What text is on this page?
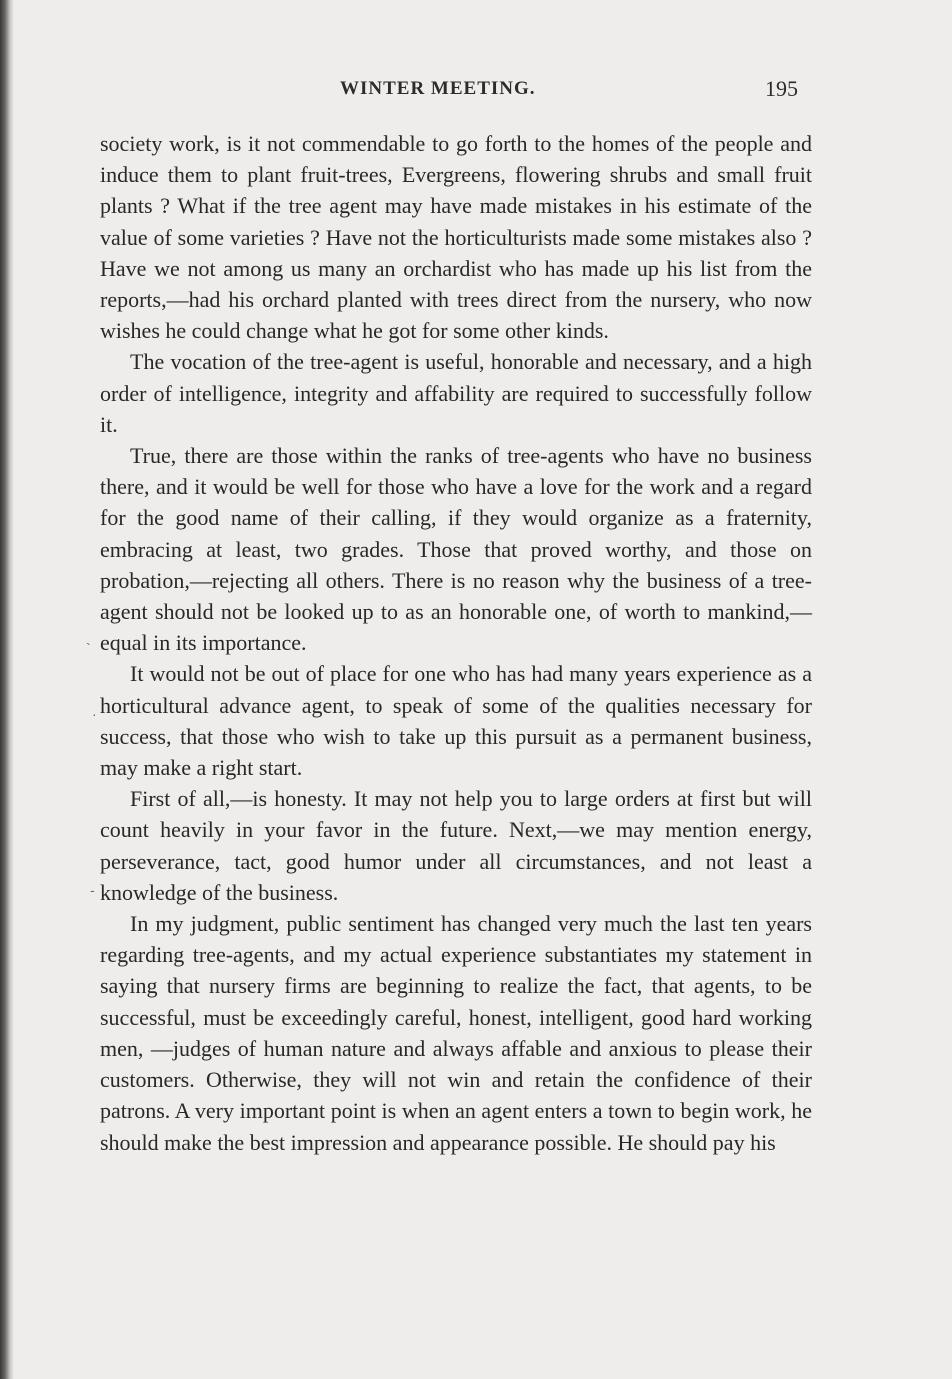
WINTER MEETING.	195

society work, is it not commendable to go forth to the homes of the people and induce them to plant fruit-trees, Evergreens, flowering shrubs and small fruit plants ? What if the tree agent may have made mistakes in his estimate of the value of some varieties ? Have not the horticulturists made some mistakes also ? Have we not among us many an orchardist who has made up his list from the reports,—had his orchard planted with trees direct from the nursery, who now wishes he could change what he got for some other kinds.

The vocation of the tree-agent is useful, honorable and necessary, and a high order of intelligence, integrity and affability are required to successfully follow it.

True, there are those within the ranks of tree-agents who have no business there, and it would be well for those who have a love for the work and a regard for the good name of their calling, if they would organize as a fraternity, embracing at least, two grades. Those that proved worthy, and those on probation,—rejecting all others. There is no reason why the business of a tree-agent should not be looked up to as an honorable one, of worth to mankind,—equal in its importance.

It would not be out of place for one who has had many years experience as a horticultural advance agent, to speak of some of the qualities necessary for success, that those who wish to take up this pursuit as a permanent business, may make a right start.

First of all,—is honesty. It may not help you to large orders at first but will count heavily in your favor in the future. Next,—we may mention energy, perseverance, tact, good humor under all circumstances, and not least a knowledge of the business.

In my judgment, public sentiment has changed very much the last ten years regarding tree-agents, and my actual experience substantiates my statement in saying that nursery firms are beginning to realize the fact, that agents, to be successful, must be exceedingly careful, honest, intelligent, good hard working men, —judges of human nature and always affable and anxious to please their customers. Otherwise, they will not win and retain the confidence of their patrons. A very important point is when an agent enters a town to begin work, he should make the best impression and appearance possible. He should pay his

`
·
-
